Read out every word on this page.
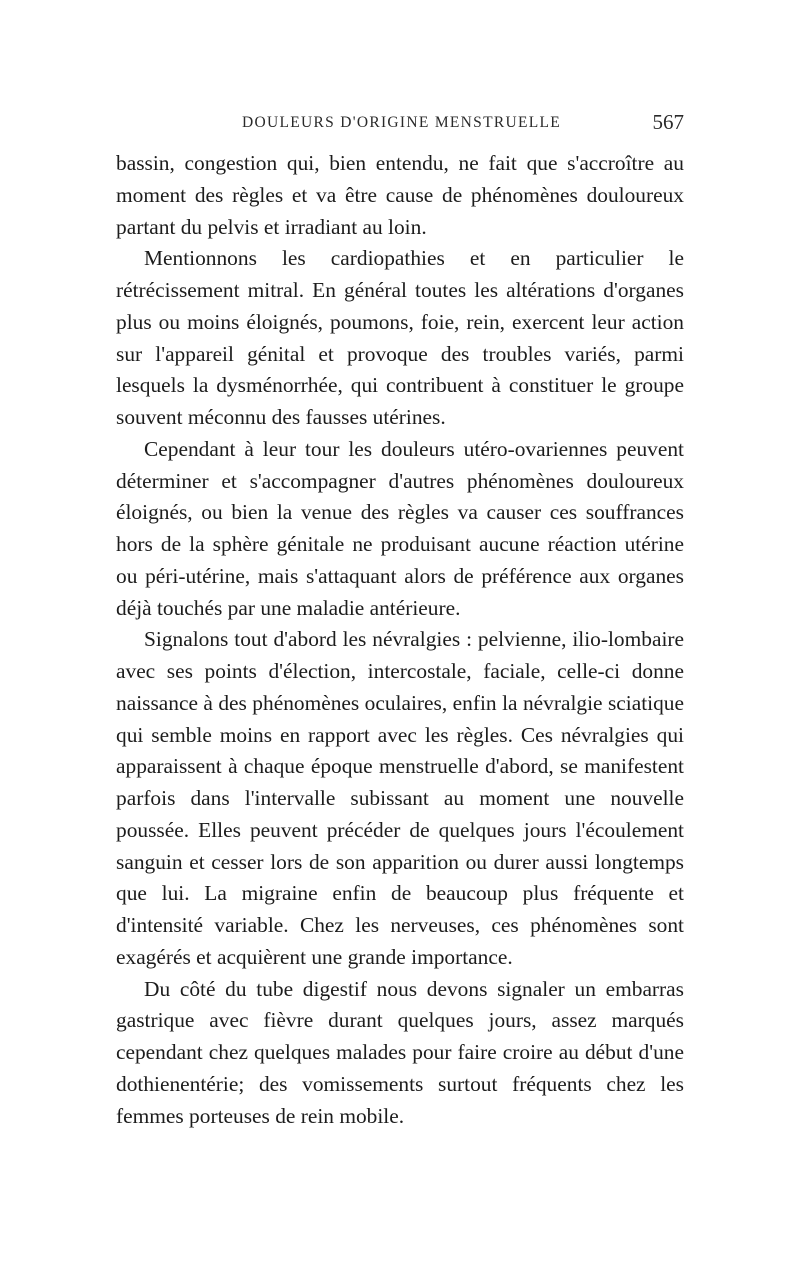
DOULEURS D'ORIGINE MENSTRUELLE	567

bassin, congestion qui, bien entendu, ne fait que s'accroître au moment des règles et va être cause de phénomènes douloureux partant du pelvis et irradiant au loin.

Mentionnons les cardiopathies et en particulier le rétrécissement mitral. En général toutes les altérations d'organes plus ou moins éloignés, poumons, foie, rein, exercent leur action sur l'appareil génital et provoque des troubles variés, parmi lesquels la dysménorrhée, qui contribuent à constituer le groupe souvent méconnu des fausses utérines.

Cependant à leur tour les douleurs utéro-ovariennes peuvent déterminer et s'accompagner d'autres phénomènes douloureux éloignés, ou bien la venue des règles va causer ces souffrances hors de la sphère génitale ne produisant aucune réaction utérine ou péri-utérine, mais s'attaquant alors de préférence aux organes déjà touchés par une maladie antérieure.

Signalons tout d'abord les névralgies : pelvienne, ilio-lombaire avec ses points d'élection, intercostale, faciale, celle-ci donne naissance à des phénomènes oculaires, enfin la névralgie sciatique qui semble moins en rapport avec les règles. Ces névralgies qui apparaissent à chaque époque menstruelle d'abord, se manifestent parfois dans l'intervalle subissant au moment une nouvelle poussée. Elles peuvent précéder de quelques jours l'écoulement sanguin et cesser lors de son apparition ou durer aussi longtemps que lui. La migraine enfin de beaucoup plus fréquente et d'intensité variable. Chez les nerveuses, ces phénomènes sont exagérés et acquièrent une grande importance.

Du côté du tube digestif nous devons signaler un embarras gastrique avec fièvre durant quelques jours, assez marqués cependant chez quelques malades pour faire croire au début d'une dothienentérie; des vomissements surtout fréquents chez les femmes porteuses de rein mobile.
